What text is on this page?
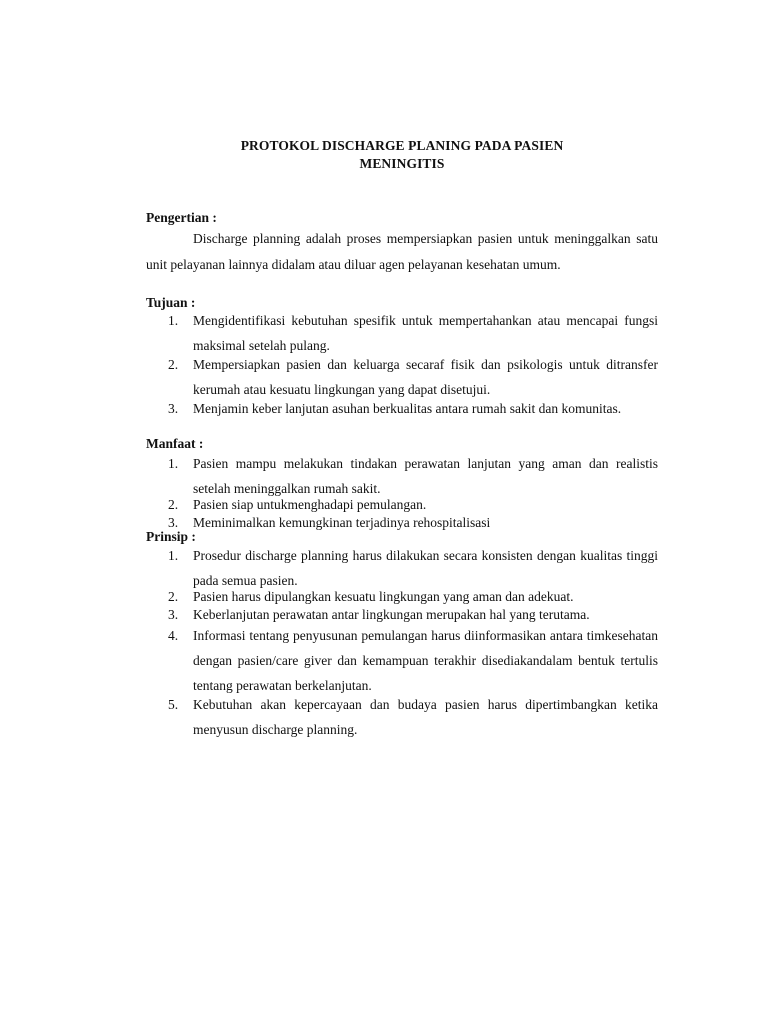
PROTOKOL DISCHARGE PLANING PADA PASIEN
MENINGITIS
Pengertian :
Discharge planning adalah proses mempersiapkan pasien untuk meninggalkan satu unit pelayanan lainnya didalam atau diluar agen pelayanan kesehatan umum.
Tujuan :
1. Mengidentifikasi kebutuhan spesifik untuk mempertahankan atau mencapai fungsi maksimal setelah pulang.
2. Mempersiapkan pasien dan keluarga secaraf fisik dan psikologis untuk ditransfer kerumah atau kesuatu lingkungan yang dapat disetujui.
3. Menjamin keber lanjutan asuhan berkualitas antara rumah sakit dan komunitas.
Manfaat :
1. Pasien mampu melakukan tindakan perawatan lanjutan yang aman dan realistis setelah meninggalkan rumah sakit.
2. Pasien siap untukmenghadapi pemulangan.
3. Meminimalkan kemungkinan terjadinya rehospitalisasi
Prinsip :
1. Prosedur discharge planning harus dilakukan secara konsisten dengan kualitas tinggi pada semua pasien.
2. Pasien harus dipulangkan kesuatu lingkungan yang aman dan adekuat.
3. Keberlanjutan perawatan antar lingkungan merupakan hal yang terutama.
4. Informasi tentang penyusunan pemulangan harus diinformasikan antara timkesehatan dengan pasien/care giver dan kemampuan terakhir disediakandalam bentuk tertulis tentang perawatan berkelanjutan.
5. Kebutuhan akan kepercayaan dan budaya pasien harus dipertimbangkan ketika menyusun discharge planning.
